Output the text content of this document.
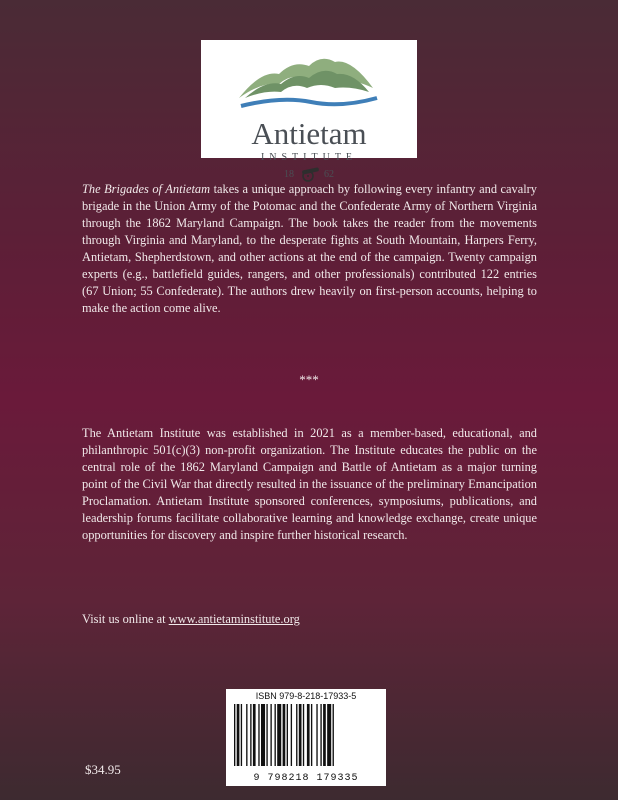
Antietam
INSTITUTE
18	62

The Brigades of Antietam takes a unique approach by following every infantry and cavalry brigade in the Union Army of the Potomac and the Confederate Army of Northern Virginia through the 1862 Maryland Campaign. The book takes the reader from the movements through Virginia and Maryland, to the desperate fights at South Mountain, Harpers Ferry, Antietam, Shepherdstown, and other actions at the end of the campaign. Twenty campaign experts (e.g., battlefield guides, rangers, and other professionals) contributed 122 entries (67 Union; 55 Confederate). The authors drew heavily on first-person accounts, helping to make the action come alive.

***

The Antietam Institute was established in 2021 as a member-based, educational, and philanthropic 501(c)(3) non-profit organization. The Institute educates the public on the central role of the 1862 Maryland Campaign and Battle of Antietam as a major turning point of the Civil War that directly resulted in the issuance of the preliminary Emancipation Proclamation. Antietam Institute sponsored conferences, symposiums, publications, and leadership forums facilitate collaborative learning and knowledge exchange, create unique opportunities for discovery and inspire further historical research.

Visit us online at www.antietaminstitute.org

ISBN 979-8-218-17933-5
9 798218 179335
$34.95
